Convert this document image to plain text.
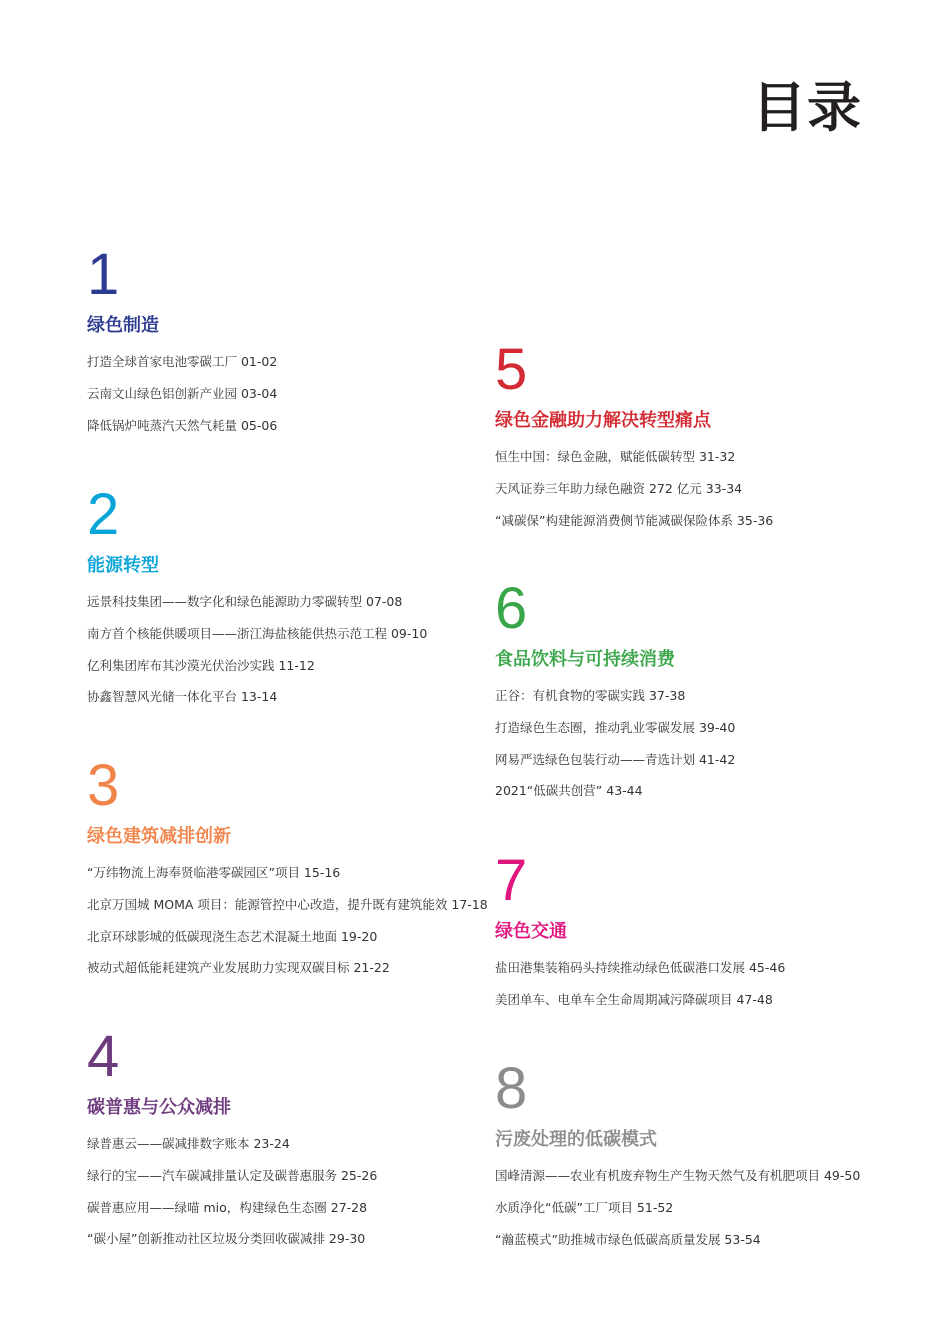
目录
1
绿色制造
打造全球首家电池零碳工厂 01-02
云南文山绿色铝创新产业园 03-04
降低锅炉吨蒸汽天然气耗量 05-06
2
能源转型
远景科技集团——数字化和绿色能源助力零碳转型 07-08
南方首个核能供暖项目——浙江海盐核能供热示范工程 09-10
亿利集团库布其沙漠光伏治沙实践 11-12
协鑫智慧风光储一体化平台 13-14
3
绿色建筑减排创新
“万纬物流上海奉贤临港零碳园区”项目 15-16
北京万国城 MOMA 项目：能源管控中心改造，提升既有建筑能效 17-18
北京环球影城的低碳现浇生态艺术混凝土地面 19-20
被动式超低能耗建筑产业发展助力实现双碳目标 21-22
4
碳普惠与公众减排
绿普惠云——碳减排数字账本 23-24
绿行的宝——汽车碳减排量认定及碳普惠服务 25-26
碳普惠应用——绿喵 mio，构建绿色生态圈 27-28
“碳小屋”创新推动社区垃圾分类回收碳减排 29-30
5
绿色金融助力解决转型痛点
恒生中国：绿色金融，赋能低碳转型 31-32
天风证券三年助力绿色融资 272 亿元 33-34
“减碳保”构建能源消费侧节能减碳保险体系 35-36
6
食品饮料与可持续消费
正谷：有机食物的零碳实践 37-38
打造绿色生态圈，推动乳业零碳发展 39-40
网易严选绿色包装行动——青选计划 41-42
2021“低碳共创营” 43-44
7
绿色交通
盐田港集装箱码头持续推动绿色低碳港口发展 45-46
美团单车、电单车全生命周期减污降碳项目 47-48
8
污废处理的低碳模式
国峰清源——农业有机废弃物生产生物天然气及有机肥项目 49-50
水质净化“低碳”工厂项目 51-52
“瀚蓝模式”助推城市绿色低碳高质量发展 53-54
